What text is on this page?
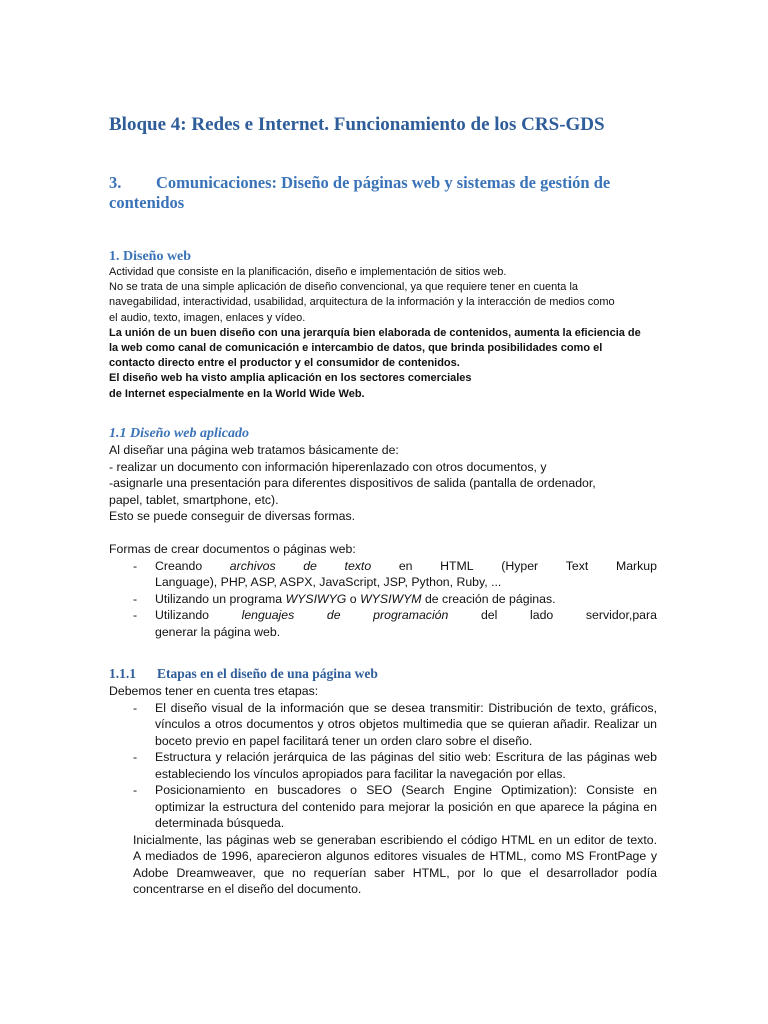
Bloque 4: Redes e Internet. Funcionamiento de los CRS-GDS
3. Comunicaciones: Diseño de páginas web y sistemas de gestión de
contenidos
1. Diseño web

Actividad que consiste en la planificación, diseño e implementación de sitios web.

No se trata de una simple aplicación de diseño convencional, ya que requiere tener en cuenta la

navegabilidad, interactividad, usabilidad, arquitectura de la información y la interacción de medios como

el audio, texto, imagen, enlaces y vídeo.

La unión de un buen diseño con una jerarquía bien elaborada de contenidos, aumenta la eficiencia de

la web como canal de comunicación e intercambio de datos, que brinda posibilidades como el

contacto directo entre el productor y el consumidor de contenidos.

El diseño web ha visto amplia aplicación en los sectores comerciales

de Internet especialmente en la World Wide Web.

1.1 Diseño web aplicado

Al diseñar una página web tratamos básicamente de:

- realizar un documento con información hiperenlazado con otros documentos, y

-asignarle una presentación para diferentes dispositivos de salida (pantalla de ordenador,

papel, tablet, smartphone, etc).

Esto se puede conseguir de diversas formas.

Formas de crear documentos o páginas web:

- Creando archivos de texto en HTML (Hyper Text Markup
Language), PHP, ASP, ASPX, JavaScript, JSP, Python, Ruby, ...
- Utilizando un programa WYSIWYG o WYSIWYM de creación de páginas.
- Utilizando	lenguajes	de	programación	del	lado	servidor,para
generar la página web.
1.1.1 Etapas en el diseño de una página web

Debemos tener en cuenta tres etapas:

- El diseño visual de la información que se desea transmitir: Distribución de texto, gráficos, vínculos a otros documentos y otros objetos multimedia que se quieran añadir. Realizar un boceto previo en papel facilitará tener un orden claro sobre el diseño.
- Estructura y relación jerárquica de las páginas del sitio web: Escritura de las páginas web estableciendo los vínculos apropiados para facilitar la navegación por ellas.
- Posicionamiento en buscadores o SEO (Search Engine Optimization): Consiste en optimizar la estructura del contenido para mejorar la posición en que aparece la página en determinada búsqueda.
Inicialmente, las páginas web se generaban escribiendo el código HTML en un editor de texto. A mediados de 1996, aparecieron algunos editores visuales de HTML, como MS FrontPage y Adobe Dreamweaver, que no requerían saber HTML, por lo que el desarrollador podía concentrarse en el diseño del documento.
